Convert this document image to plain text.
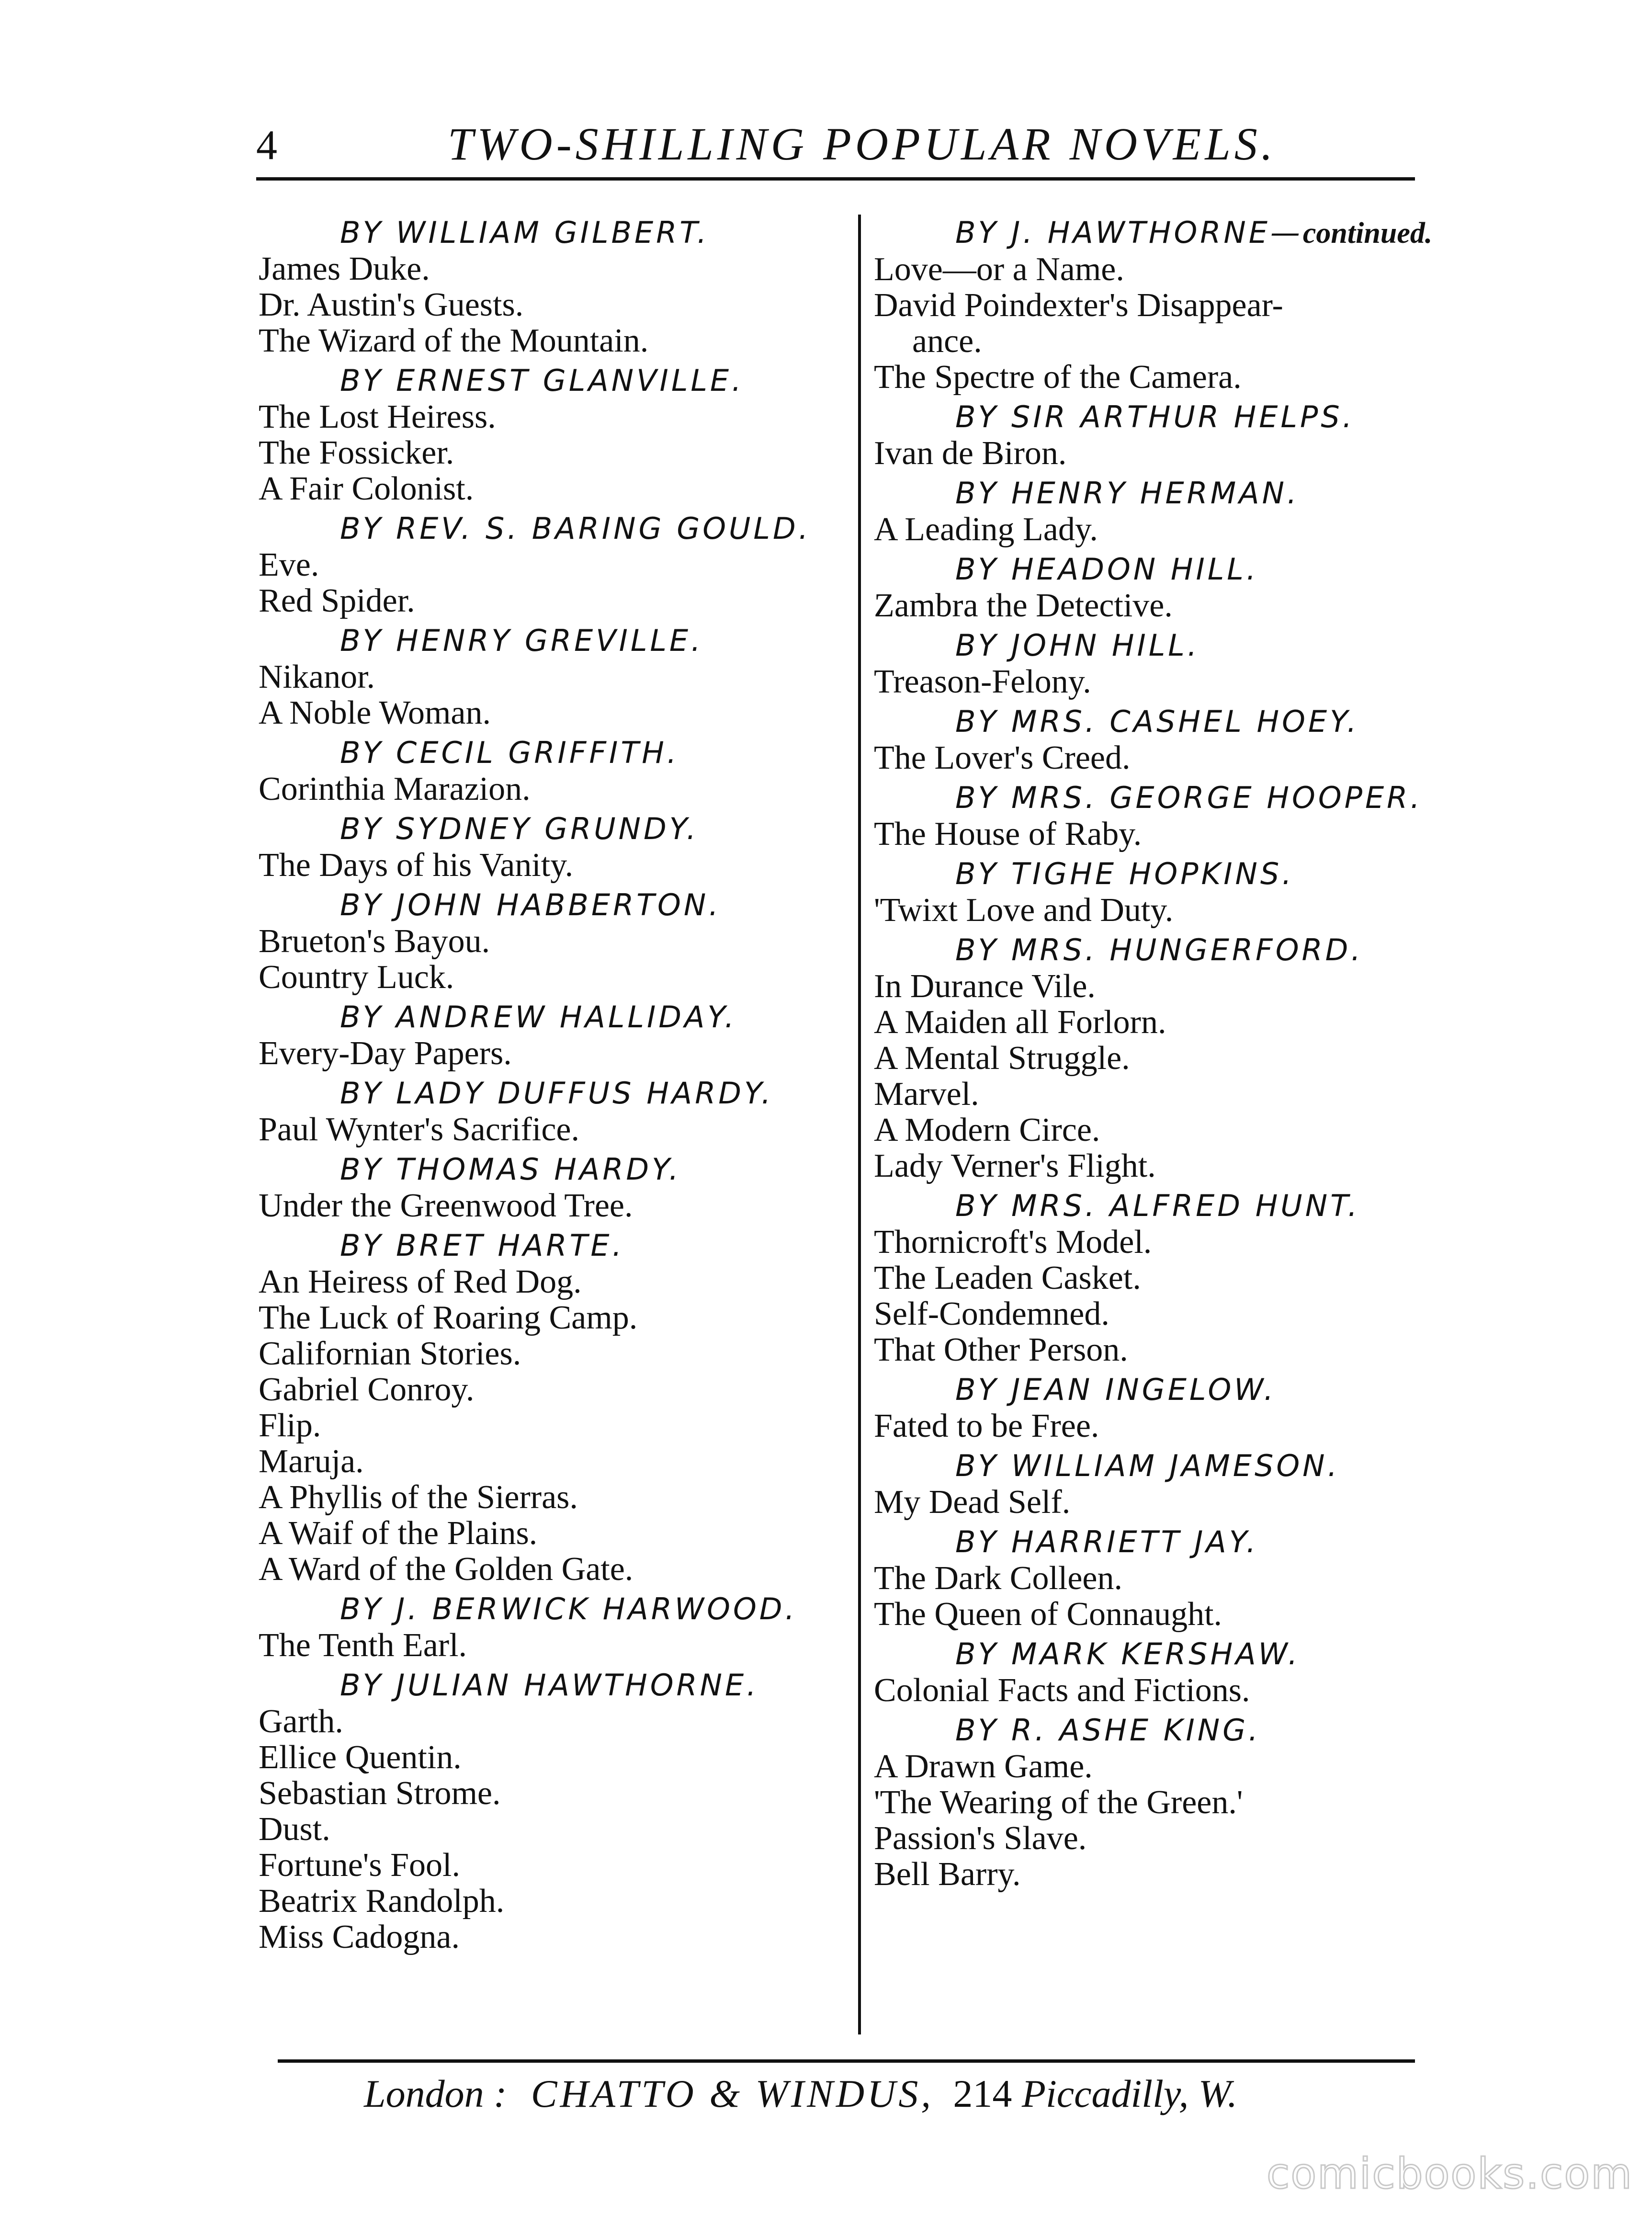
4	TWO-SHILLING POPULAR NOVELS.
BY WILLIAM GILBERT.
James Duke.
Dr. Austin's Guests.
The Wizard of the Mountain.
BY ERNEST GLANVILLE.
The Lost Heiress.
The Fossicker.
A Fair Colonist.
BY REV. S. BARING GOULD.
Eve.
Red Spider.
BY HENRY GREVILLE.
Nikanor.
A Noble Woman.
BY CECIL GRIFFITH.
Corinthia Marazion.
BY SYDNEY GRUNDY.
The Days of his Vanity.
BY JOHN HABBERTON.
Brueton's Bayou.
Country Luck.
BY ANDREW HALLIDAY.
Every-Day Papers.
BY LADY DUFFUS HARDY.
Paul Wynter's Sacrifice.
BY THOMAS HARDY.
Under the Greenwood Tree.
BY BRET HARTE.
An Heiress of Red Dog.
The Luck of Roaring Camp.
Californian Stories.
Gabriel Conroy.
Flip.
Maruja.
A Phyllis of the Sierras.
A Waif of the Plains.
A Ward of the Golden Gate.
BY J. BERWICK HARWOOD.
The Tenth Earl.
BY JULIAN HAWTHORNE.
Garth.
Ellice Quentin.
Sebastian Strome.
Dust.
Fortune's Fool.
Beatrix Randolph.
Miss Cadogna.
BY J. HAWTHORNE—continued.
Love—or a Name.
David Poindexter's Disappear-
ance.
The Spectre of the Camera.
BY SIR ARTHUR HELPS.
Ivan de Biron.
BY HENRY HERMAN.
A Leading Lady.
BY HEADON HILL.
Zambra the Detective.
BY JOHN HILL.
Treason-Felony.
BY MRS. CASHEL HOEY.
The Lover's Creed.
BY MRS. GEORGE HOOPER.
The House of Raby.
BY TIGHE HOPKINS.
'Twixt Love and Duty.
BY MRS. HUNGERFORD.
In Durance Vile.
A Maiden all Forlorn.
A Mental Struggle.
Marvel.
A Modern Circe.
Lady Verner's Flight.
BY MRS. ALFRED HUNT.
Thornicroft's Model.
The Leaden Casket.
Self-Condemned.
That Other Person.
BY JEAN INGELOW.
Fated to be Free.
BY WILLIAM JAMESON.
My Dead Self.
BY HARRIETT JAY.
The Dark Colleen.
The Queen of Connaught.
BY MARK KERSHAW.
Colonial Facts and Fictions.
BY R. ASHE KING.
A Drawn Game.
'The Wearing of the Green.'
Passion's Slave.
Bell Barry.
London : CHATTO & WINDUS, 214 Piccadilly, W.
comicbooks.com
